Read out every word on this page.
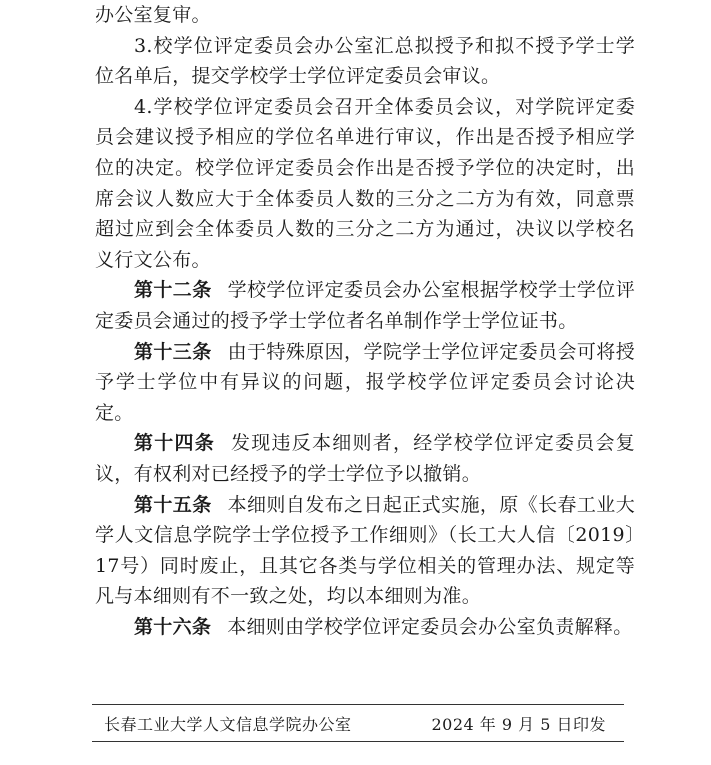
办公室复审。

3.校学位评定委员会办公室汇总拟授予和拟不授予学士学位名单后，提交学校学士学位评定委员会审议。

4.学校学位评定委员会召开全体委员会议，对学院评定委员会建议授予相应的学位名单进行审议，作出是否授予相应学位的决定。校学位评定委员会作出是否授予学位的决定时，出席会议人数应大于全体委员人数的三分之二方为有效，同意票超过应到会全体委员人数的三分之二方为通过，决议以学校名义行文公布。

第十二条 学校学位评定委员会办公室根据学校学士学位评定委员会通过的授予学士学位者名单制作学士学位证书。

第十三条 由于特殊原因，学院学士学位评定委员会可将授予学士学位中有异议的问题，报学校学位评定委员会讨论决定。

第十四条 发现违反本细则者，经学校学位评定委员会复议，有权利对已经授予的学士学位予以撤销。

第十五条 本细则自发布之日起正式实施，原《长春工业大学人文信息学院学士学位授予工作细则》（长工大人信〔2019〕17号）同时废止，且其它各类与学位相关的管理办法、规定等凡与本细则有不一致之处，均以本细则为准。

第十六条 本细则由学校学位评定委员会办公室负责解释。

长春工业大学人文信息学院办公室	2024 年 9 月 5 日印发
